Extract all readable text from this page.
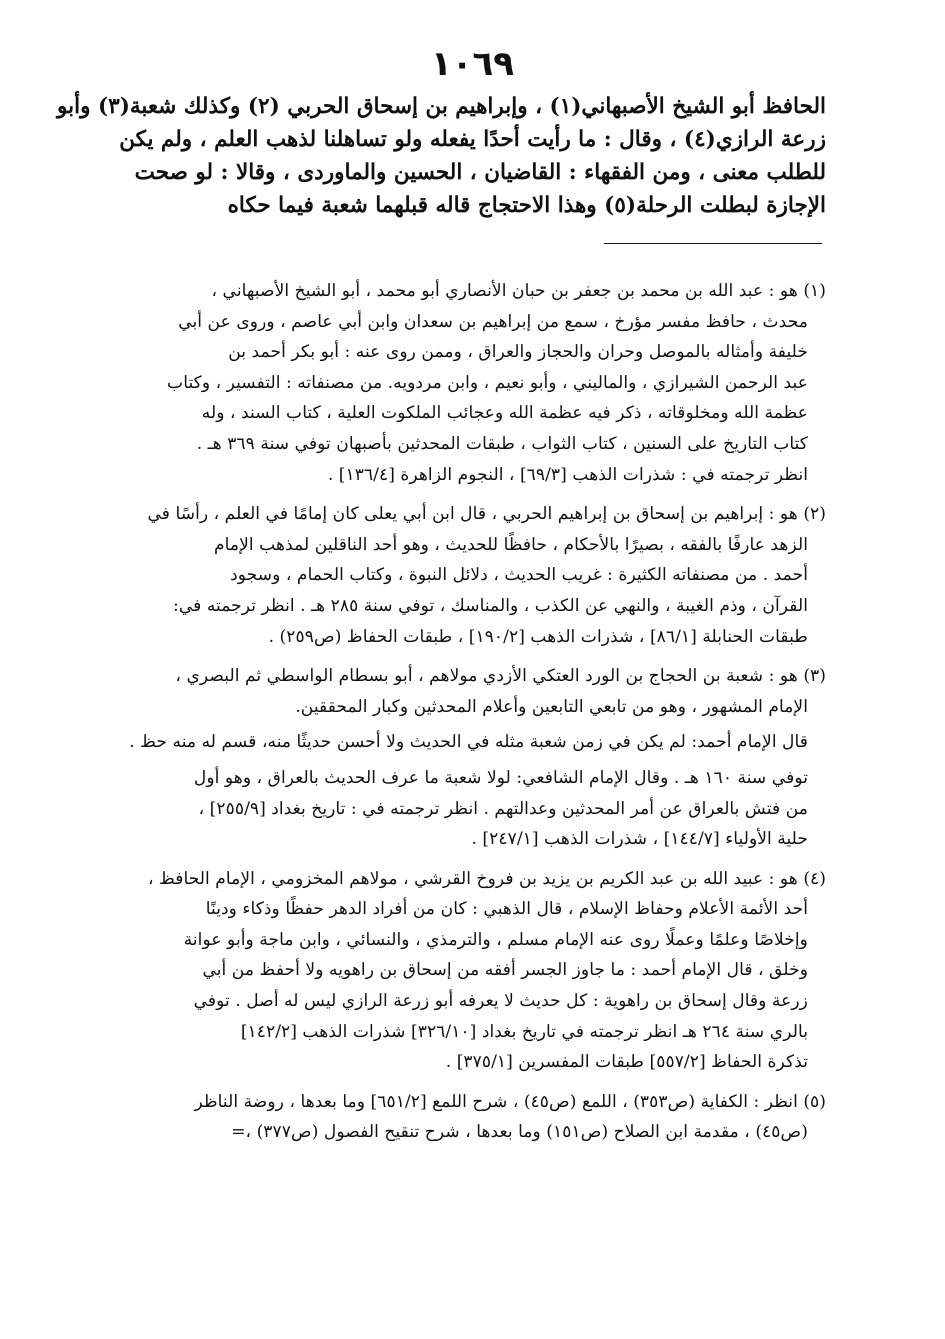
١٠٦٩
الحافظ أبو الشيخ الأصبهاني(١) ، وإبراهيم بن إسحاق الحربي (٢) وكذلك شعبة(٣) وأبو
زرعة الرازي(٤) ، وقال : ما رأيت أحدًا يفعله ولو تساهلنا لذهب العلم ، ولم يكن
للطلب معنى ، ومن الفقهاء : القاضيان ، الحسين والماوردى ، وقالا : لو صحت
الإجازة لبطلت الرحلة(٥) وهذا الاحتجاج قاله قبلهما شعبة فيما حكاه
(١) هو : عبد الله بن محمد بن جعفر بن حبان الأنصاري أبو محمد ، أبو الشيخ الأصبهاني ،
محدث ، حافظ مفسر مؤرخ ، سمع من إبراهيم بن سعدان وابن أبي عاصم ، وروى عن أبي
خليفة وأمثاله بالموصل وحران والحجاز والعراق ، وممن روى عنه : أبو بكر أحمد بن
عبد الرحمن الشيرازي ، والماليني ، وأبو نعيم ، وابن مردويه. من مصنفاته : التفسير ، وكتاب
عظمة الله ومخلوقاته ، ذكر فيه عظمة الله وعجائب الملكوت العلية ، كتاب السند ، وله
كتاب التاريخ على السنين ، كتاب الثواب ، طبقات المحدثين بأصبهان توفي سنة ٣٦٩ هـ .
انظر ترجمته في : شذرات الذهب [٦٩/٣] ، النجوم الزاهرة [١٣٦/٤] .
(٢) هو : إبراهيم بن إسحاق بن إبراهيم الحربي ، قال ابن أبي يعلى كان إمامًا في العلم ، رأسًا في
الزهد عارفًا بالفقه ، بصيرًا بالأحكام ، حافظًا للحديث ، وهو أحد الناقلين لمذهب الإمام
أحمد . من مصنفاته الكثيرة : غريب الحديث ، دلائل النبوة ، وكتاب الحمام ، وسجود
القرآن ، وذم الغيبة ، والنهي عن الكذب ، والمناسك ، توفي سنة ٢٨٥ هـ . انظر ترجمته في:
طبقات الحنابلة [٨٦/١] ، شذرات الذهب [١٩٠/٢] ، طبقات الحفاظ (ص٢٥٩) .
(٣) هو : شعبة بن الحجاج بن الورد العتكي الأزدي مولاهم ، أبو بسطام الواسطي ثم البصري ،
الإمام المشهور ، وهو من تابعي التابعين وأعلام المحدثين وكبار المحققين.
قال الإمام أحمد: لم يكن في زمن شعبة مثله في الحديث ولا أحسن حديثًا منه، قسم له منه حظ .
توفي سنة ١٦٠ هـ . وقال الإمام الشافعي: لولا شعبة ما عرف الحديث بالعراق ، وهو أول
من فتش بالعراق عن أمر المحدثين وعدالتهم . انظر ترجمته في : تاريخ بغداد [٢٥٥/٩] ،
حلية الأولياء [١٤٤/٧] ، شذرات الذهب [٢٤٧/١] .
(٤) هو : عبيد الله بن عبد الكريم بن يزيد بن فروخ القرشي ، مولاهم المخزومي ، الإمام الحافظ ،
أحد الأئمة الأعلام وحفاظ الإسلام ، قال الذهبي : كان من أفراد الدهر حفظًا وذكاء ودينًا
وإخلاصًا وعلمًا وعملًا روى عنه الإمام مسلم ، والترمذي ، والنسائي ، وابن ماجة وأبو عوانة
وخلق ، قال الإمام أحمد : ما جاوز الجسر أفقه من إسحاق بن راهويه ولا أحفظ من أبي
زرعة وقال إسحاق بن راهوية : كل حديث لا يعرفه أبو زرعة الرازي ليس له أصل . توفي
بالري سنة ٢٦٤ هـ انظر ترجمته في تاريخ بغداد [٣٢٦/١٠] شذرات الذهب [١٤٢/٢]
تذكرة الحفاظ [٥٥٧/٢] طبقات المفسرين [٣٧٥/١] .
(٥) انظر : الكفاية (ص٣٥٣) ، اللمع (ص٤٥) ، شرح اللمع [٦٥١/٢] وما بعدها ، روضة الناظر
(ص٤٥) ، مقدمة ابن الصلاح (ص١٥١) وما بعدها ، شرح تنقيح الفصول (ص٣٧٧) ،=
